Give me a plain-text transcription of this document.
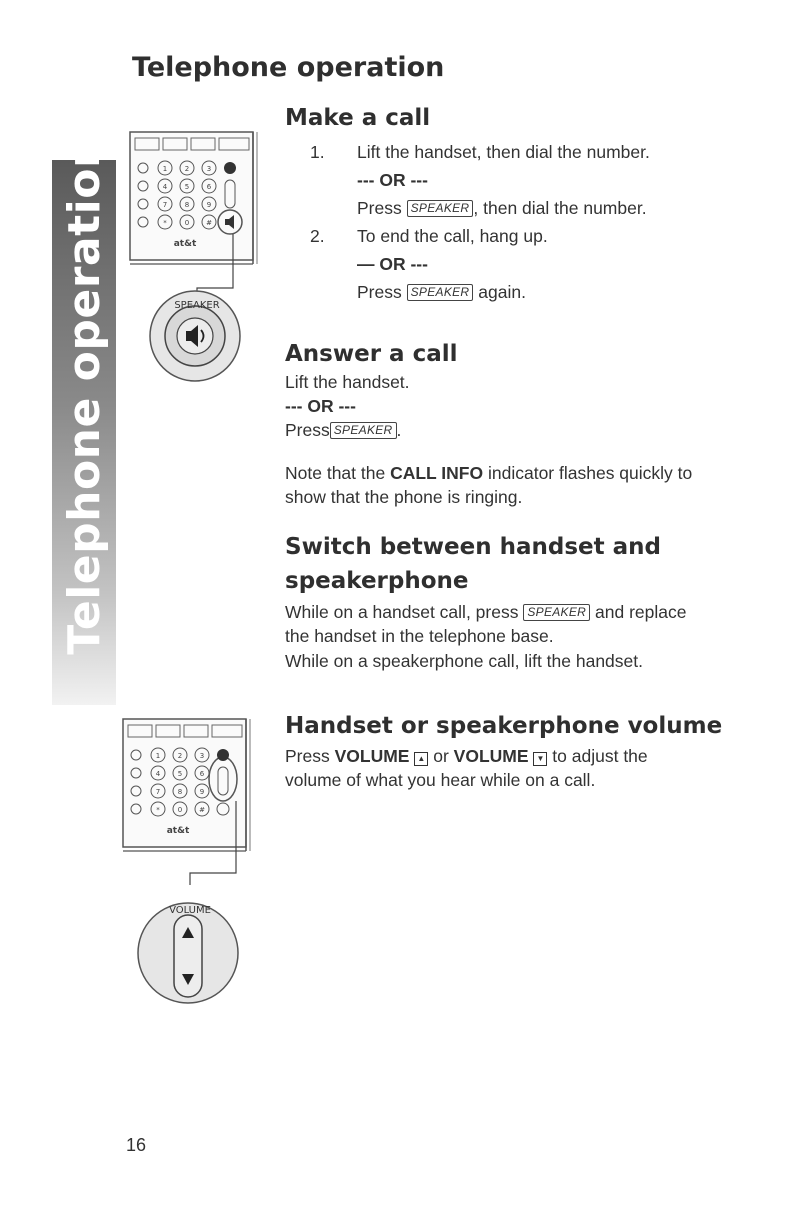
Telephone operation
Telephone operation
1	2	3
4	5	6
7	8	9
*	0 #
at&t
SPEAKER
1	2	3
4	5	6
7	8	9
*	0 #
at&t
VOLUME
Make a call

1. Lift the handset, then dial the number.

--- OR ---

Press SPEAKER , then dial the number.

2. To end the call, hang up.

— OR ---

Press SPEAKER again.

Answer a call

Lift the handset.

--- OR ---

Press SPEAKER .

Note that the CALL INFO indicator flashes quickly to

show that the phone is ringing.

Switch between handset and
speakerphone

While on a handset call, press SPEAKER and replace

the handset in the telephone base.

While on a speakerphone call, lift the handset.

Handset or speakerphone volume

Press VOLUME ▲ or VOLUME ▼ to adjust the

volume of what you hear while on a call.

16
